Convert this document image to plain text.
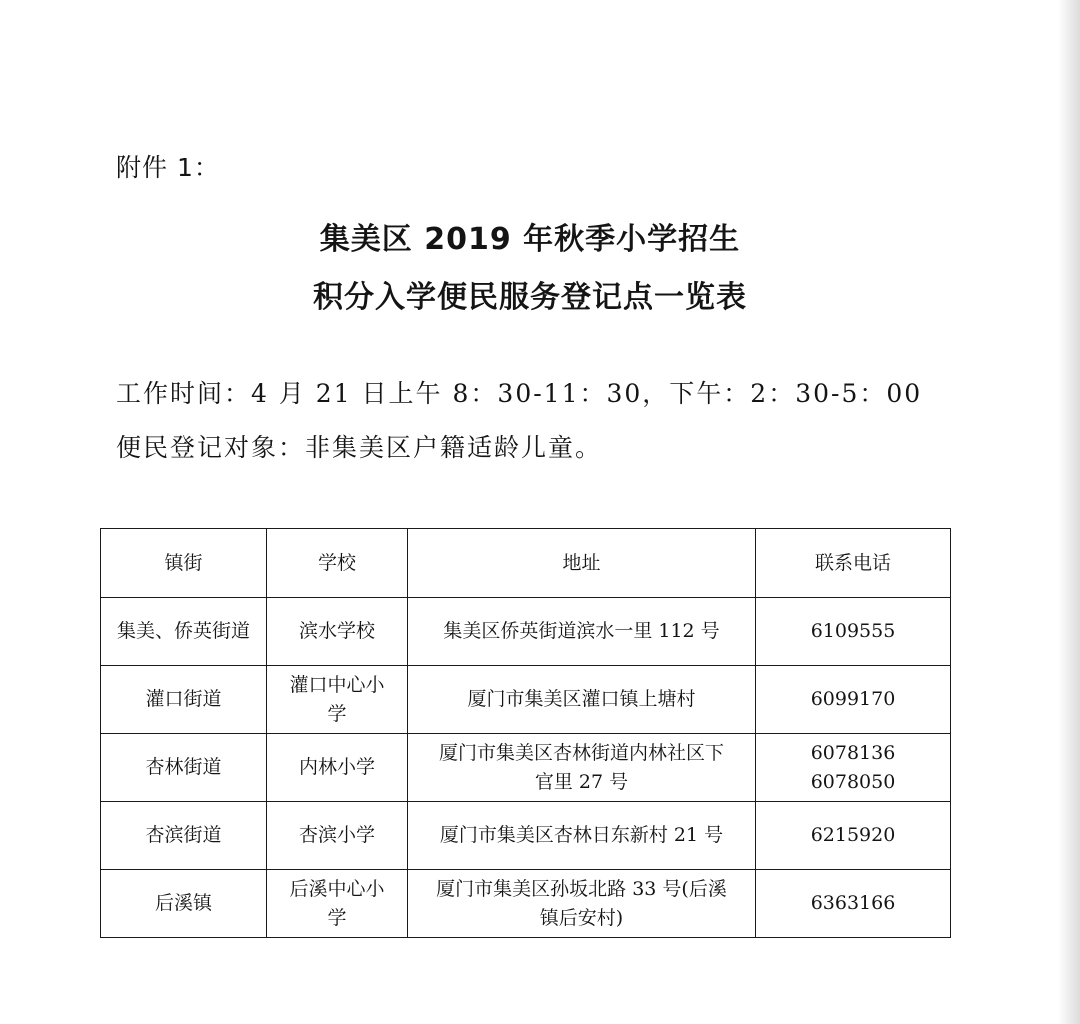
附件 1：
集美区 2019 年秋季小学招生
积分入学便民服务登记点一览表
工作时间：4 月 21 日上午 8：30-11：30，下午：2：30-5：00
便民登记对象：非集美区户籍适龄儿童。
镇街	学校	地址	联系电话
集美、侨英街道	滨水学校	集美区侨英街道滨水一里 112 号	6109555

灌口街道	灌口中心小
学	厦门市集美区灌口镇上塘村	6099170

杏林街道	内林小学	厦门市集美区杏林街道内林社区下
官里 27 号	6078136
6078050

杏滨街道	杏滨小学	厦门市集美区杏林日东新村 21 号	6215920

后溪镇	后溪中心小
学	厦门市集美区孙坂北路 33 号(后溪
镇后安村)	6363166
